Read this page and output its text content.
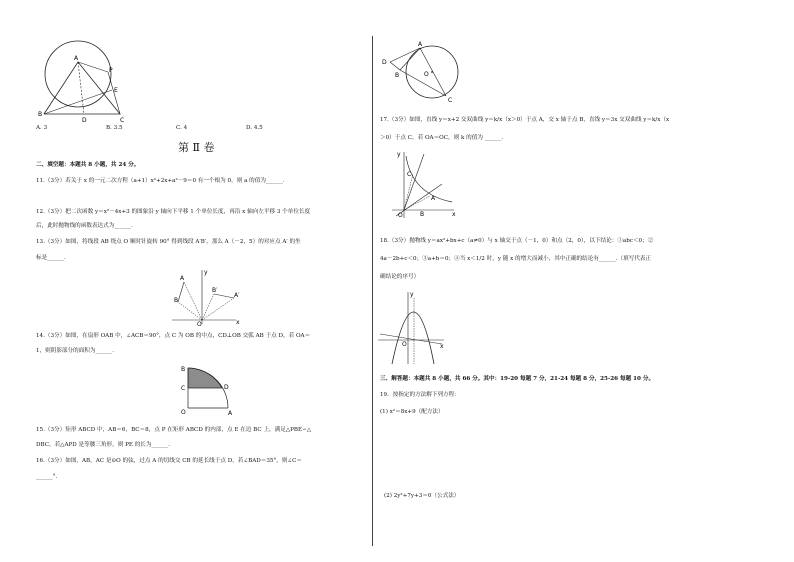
A
P
E
B
D	C
A. 3	B. 3.5	C. 4	D. 4.5
第 Ⅱ 卷
二、填空题：本题共 8 小题，共 24 分。
11.（3分）若关于 x 的一元二次方程（a+1）x²+2x+a²－9＝0 有一个根为 0，则 a 的值为______.
12.（3分）把二次函数 y＝x²－4x+3 的图象沿 y 轴向下平移 1 个单位长度，再沿 x 轴向左平移 3 个单位长度
后，此时抛物线的函数表达式为______.
13.（3分）如图，将线段 AB 绕点 O 顺时针旋转 90° 得到线段 A′B′，那么 A（－2，5）的对应点 A′ 的坐
标是______.
y
B′
A
A′
B
O	x
14.（3分）如图，在扇形 OAB 中，∠ACB＝90°，点 C 为 OB 的中点，CD⊥OB 交弧 AB 于点 D，若 OA＝
1，则阴影部分的面积为______.
B
C	D
O	A
15.（3分）矩形 ABCD 中，AB＝6，BC＝8，点 P 在矩形 ABCD 的内部，点 E 在边 BC 上，满足△PBE∽△
DBC，若△APD 是等腰三角形，则 PE 的长为______.
16.（3分）如图，AB，AC 是⊙O 的弦，过点 A 的切线交 CB 的延长线于点 D，若∠BAD＝35°，则∠C＝
______°.
A
D
B	O
C
17.（3分）如图，直线 y＝x+2 交双曲线 y＝k/x（x＞0）于点 A，交 x 轴于点 B，直线 y＝3x 交双曲线 y＝k/x（x
＞0）于点 C，若 OA＝OC，则 k 的值为 ______.
y
C
A
B
O	x
18.（3分）抛物线 y＝ax²+bx+c（a≠0）与 x 轴交于点（－1，0）和点（2，0），以下结论：①abc＜0；②
4a－2b+c＜0；③a+b＝0；④当 x＜1/2 时，y 随 x 的增大而减小，其中正确的结论有______.（填写代表正
确结论的序号）
y
O	x
三、解答题：本题共 8 小题，共 66 分。其中：19-20 每题 7 分，21-24 每题 8 分，25-26 每题 10 分。
19．按指定的方法解下列方程：
(1) x²＝8x+9（配方法）
(2) 2y²+7y+3＝0（公式法）
